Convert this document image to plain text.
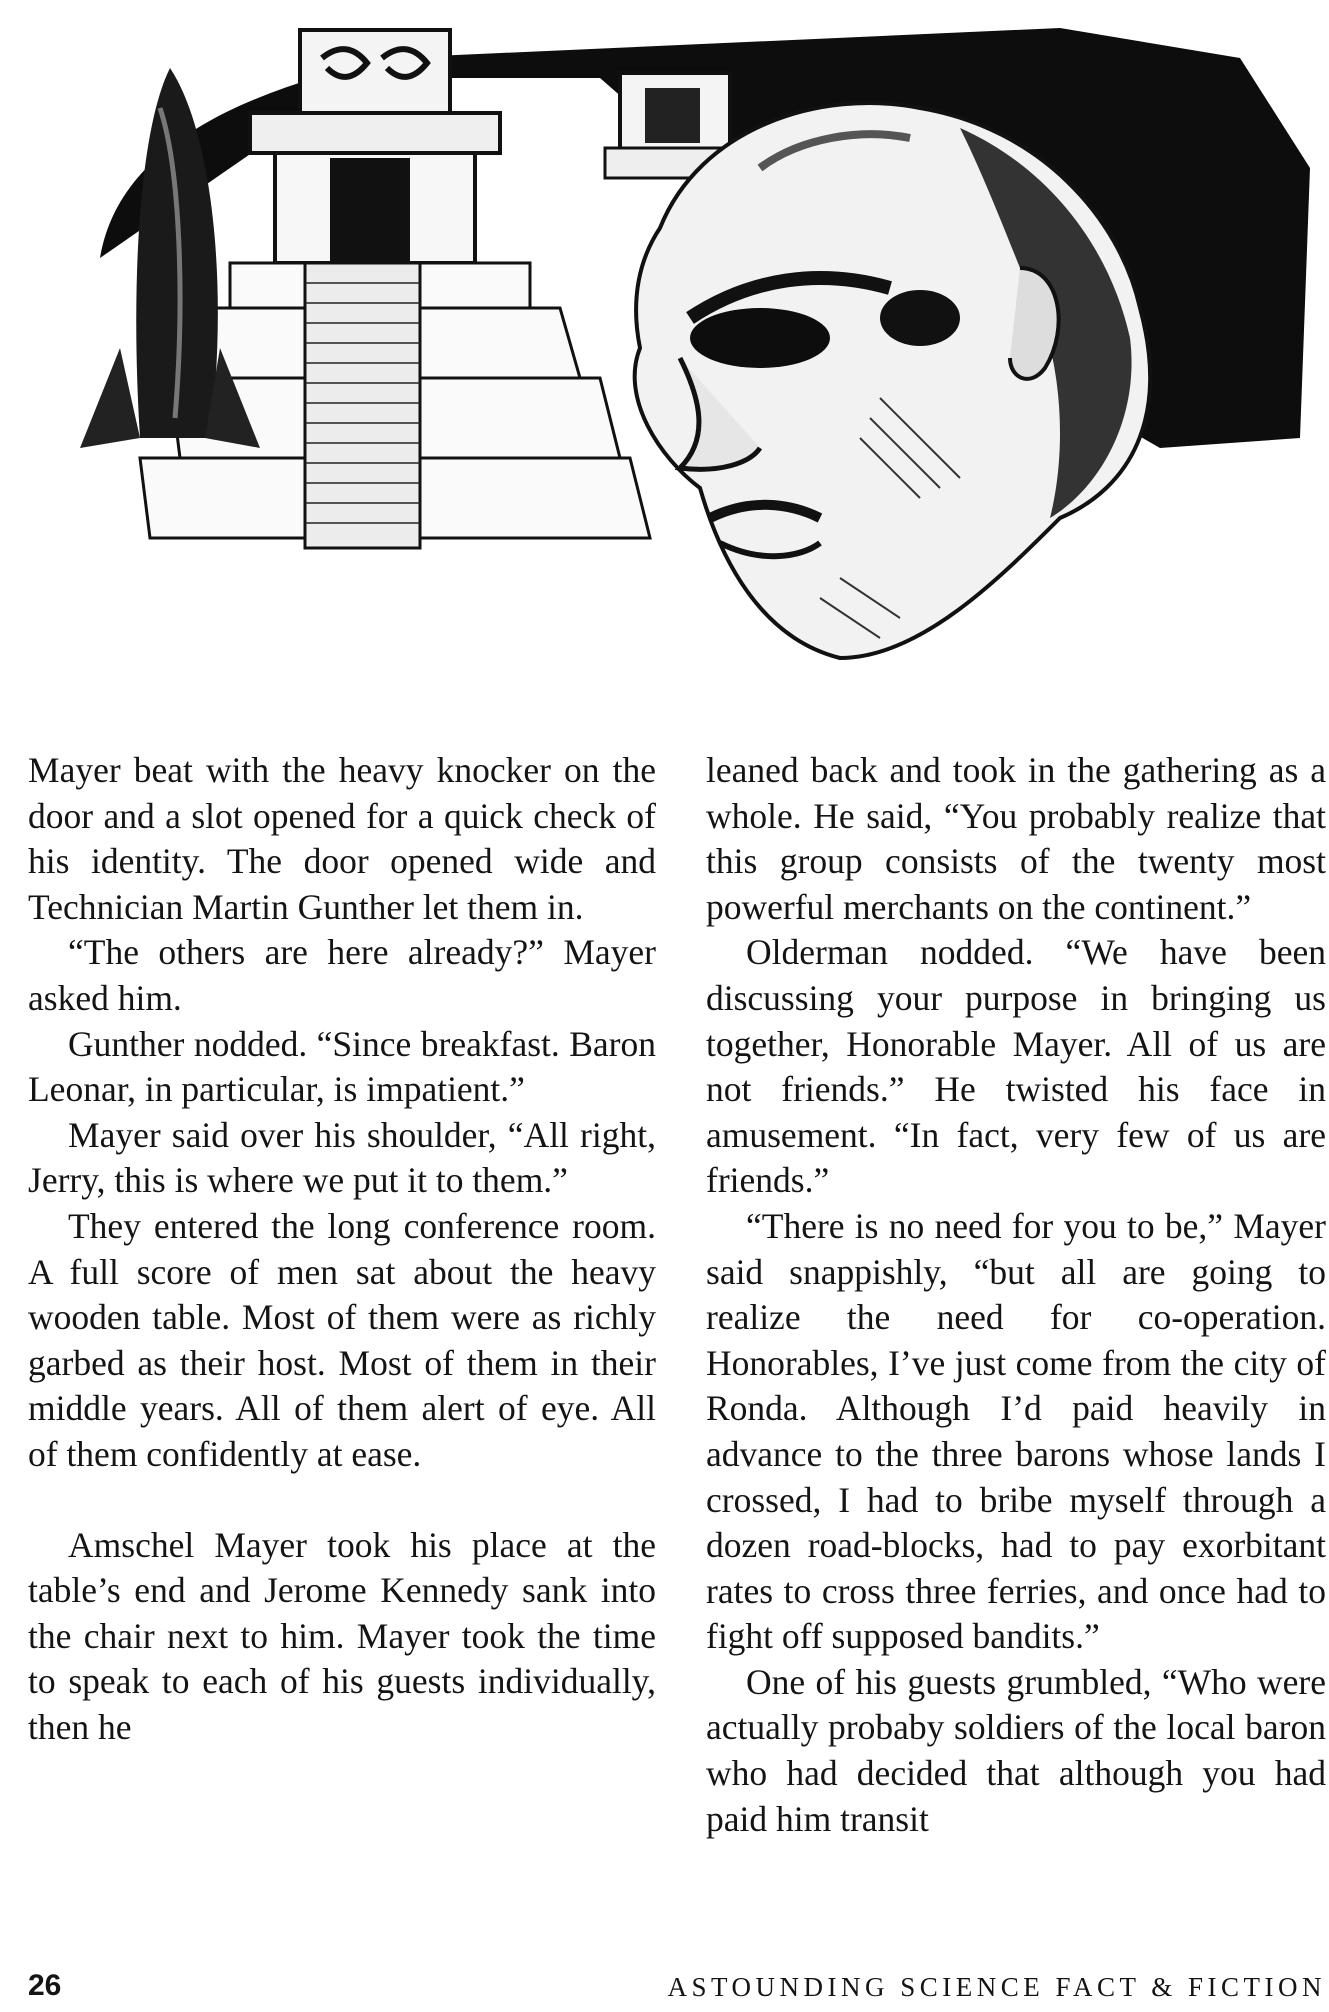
Mayer beat with the heavy knocker on the door and a slot opened for a quick check of his identity. The door opened wide and Technician Martin Gunther let them in.

“The others are here already?” Mayer asked him.

Gunther nodded. “Since breakfast. Baron Leonar, in particular, is impatient.”

Mayer said over his shoulder, “All right, Jerry, this is where we put it to them.”

They entered the long conference room. A full score of men sat about the heavy wooden table. Most of them were as richly garbed as their host. Most of them in their middle years. All of them alert of eye. All of them confidently at ease.

Amschel Mayer took his place at the table’s end and Jerome Kennedy sank into the chair next to him. Mayer took the time to speak to each of his guests individually, then he

leaned back and took in the gathering as a whole. He said, “You probably realize that this group consists of the twenty most powerful merchants on the continent.”

Olderman nodded. “We have been discussing your purpose in bringing us together, Honorable Mayer. All of us are not friends.” He twisted his face in amusement. “In fact, very few of us are friends.”

“There is no need for you to be,” Mayer said snappishly, “but all are going to realize the need for co-operation. Honorables, I’ve just come from the city of Ronda. Although I’d paid heavily in advance to the three barons whose lands I crossed, I had to bribe myself through a dozen road-blocks, had to pay exorbitant rates to cross three ferries, and once had to fight off supposed bandits.”

One of his guests grumbled, “Who were actually probaby soldiers of the local baron who had decided that although you had paid him transit

26	ASTOUNDING SCIENCE FACT & FICTION
